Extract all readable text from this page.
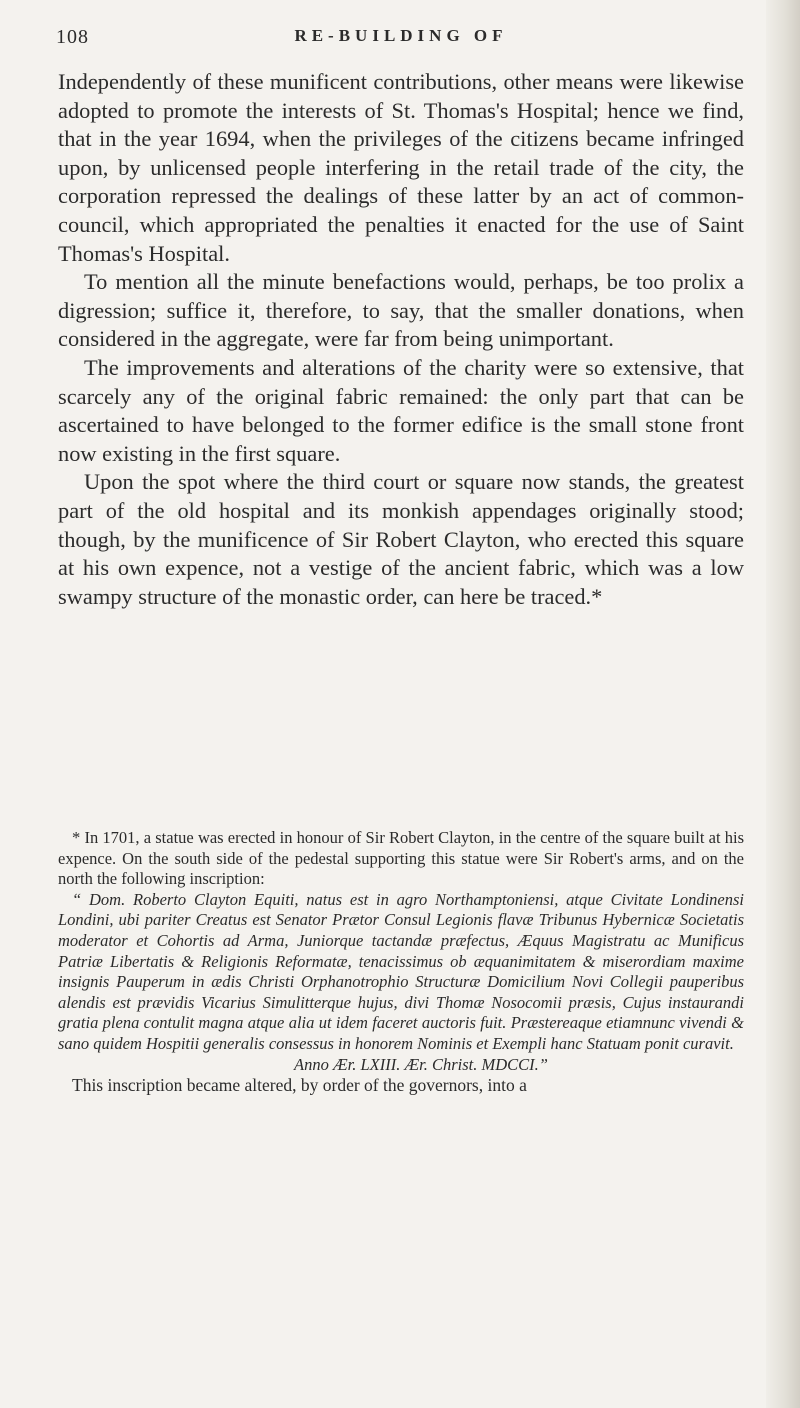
108	RE-BUILDING OF

Independently of these munificent contributions, other means were likewise adopted to promote the interests of St. Thomas's Hospital; hence we find, that in the year 1694, when the privileges of the citizens became infringed upon, by unlicensed people interfering in the retail trade of the city, the corporation repressed the dealings of these latter by an act of common-council, which appropriated the penalties it enacted for the use of Saint Thomas's Hospital.

To mention all the minute benefactions would, perhaps, be too prolix a digression; suffice it, therefore, to say, that the smaller donations, when considered in the aggregate, were far from being unimportant.

The improvements and alterations of the charity were so extensive, that scarcely any of the original fabric remained: the only part that can be ascertained to have belonged to the former edifice is the small stone front now existing in the first square.

Upon the spot where the third court or square now stands, the greatest part of the old hospital and its monkish appendages originally stood; though, by the munificence of Sir Robert Clayton, who erected this square at his own expence, not a vestige of the ancient fabric, which was a low swampy structure of the monastic order, can here be traced.*

* In 1701, a statue was erected in honour of Sir Robert Clayton, in the centre of the square built at his expence. On the south side of the pedestal supporting this statue were Sir Robert's arms, and on the north the following inscription:

“ Dom. Roberto Clayton Equiti, natus est in agro Northamptoniensi, atque Civitate Londinensi Londini, ubi pariter Creatus est Senator Prætor Consul Legionis flavæ Tribunus Hybernicæ Societatis moderator et Cohortis ad Arma, Juniorque tactandæ præfectus, Æquus Magistratu ac Munificus Patriæ Libertatis & Religionis Reformatæ, tenacissimus ob æquanimitatem & miserordiam maxime insignis Pauperum in ædis Christi Orphanotrophio Structuræ Domicilium Novi Collegii pauperibus alendis est prævidis Vicarius Simulitterque hujus, divi Thomæ Nosocomii præsis, Cujus instaurandi gratia plena contulit magna atque alia ut idem faceret auctoris fuit. Præstereaque etiamnunc vivendi & sano quidem Hospitii generalis consessus in honorem Nominis et Exempli hanc Statuam ponit curavit.

Anno Ær. LXIII. Ær. Christ. MDCCI.”

This inscription became altered, by order of the governors, into a
